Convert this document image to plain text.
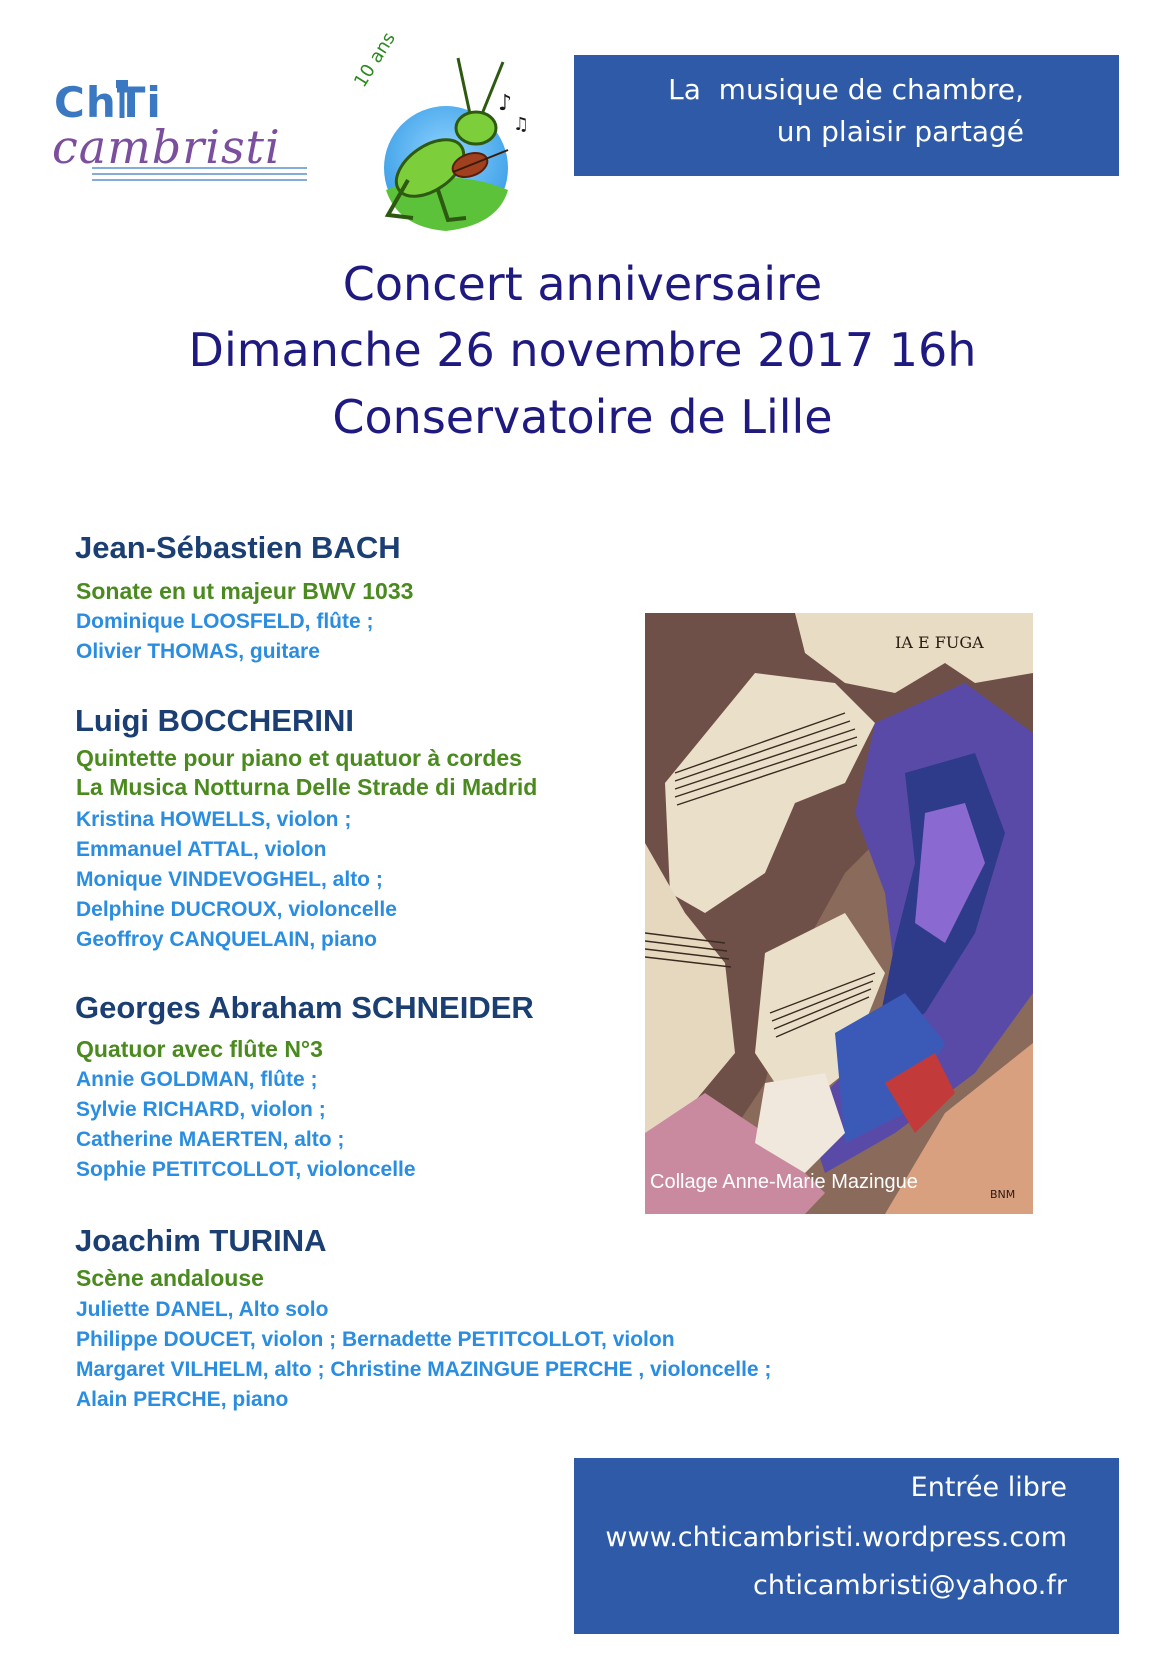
ChTi
cambristi
♪
♫
10 ans	La  musique de chambre,
un plaisir partagé
Concert anniversaire
Dimanche 26 novembre 2017 16h
Conservatoire de Lille
Jean-Sébastien BACH
Sonate en ut majeur BWV 1033
Dominique LOOSFELD, flûte ;
Olivier THOMAS, guitare
Luigi BOCCHERINI
Quintette pour piano et quatuor à cordes
La Musica Notturna Delle Strade di Madrid
Kristina HOWELLS, violon ;
Emmanuel ATTAL, violon
Monique VINDEVOGHEL, alto ;
Delphine DUCROUX, violoncelle
Geoffroy CANQUELAIN, piano
Georges Abraham SCHNEIDER
Quatuor avec flûte N°3
Annie GOLDMAN, flûte ;
Sylvie RICHARD, violon ;
Catherine MAERTEN, alto ;
Sophie PETITCOLLOT, violoncelle
Joachim TURINA
Scène andalouse
Juliette DANEL, Alto solo
Philippe DOUCET, violon ; Bernadette PETITCOLLOT, violon
Margaret VILHELM, alto ; Christine MAZINGUE PERCHE , violoncelle ;
Alain PERCHE, piano
IA E FUGA
BNM
Collage Anne-Marie Mazingue
Entrée libre
www.chticambristi.wordpress.com
chticambristi@yahoo.fr
